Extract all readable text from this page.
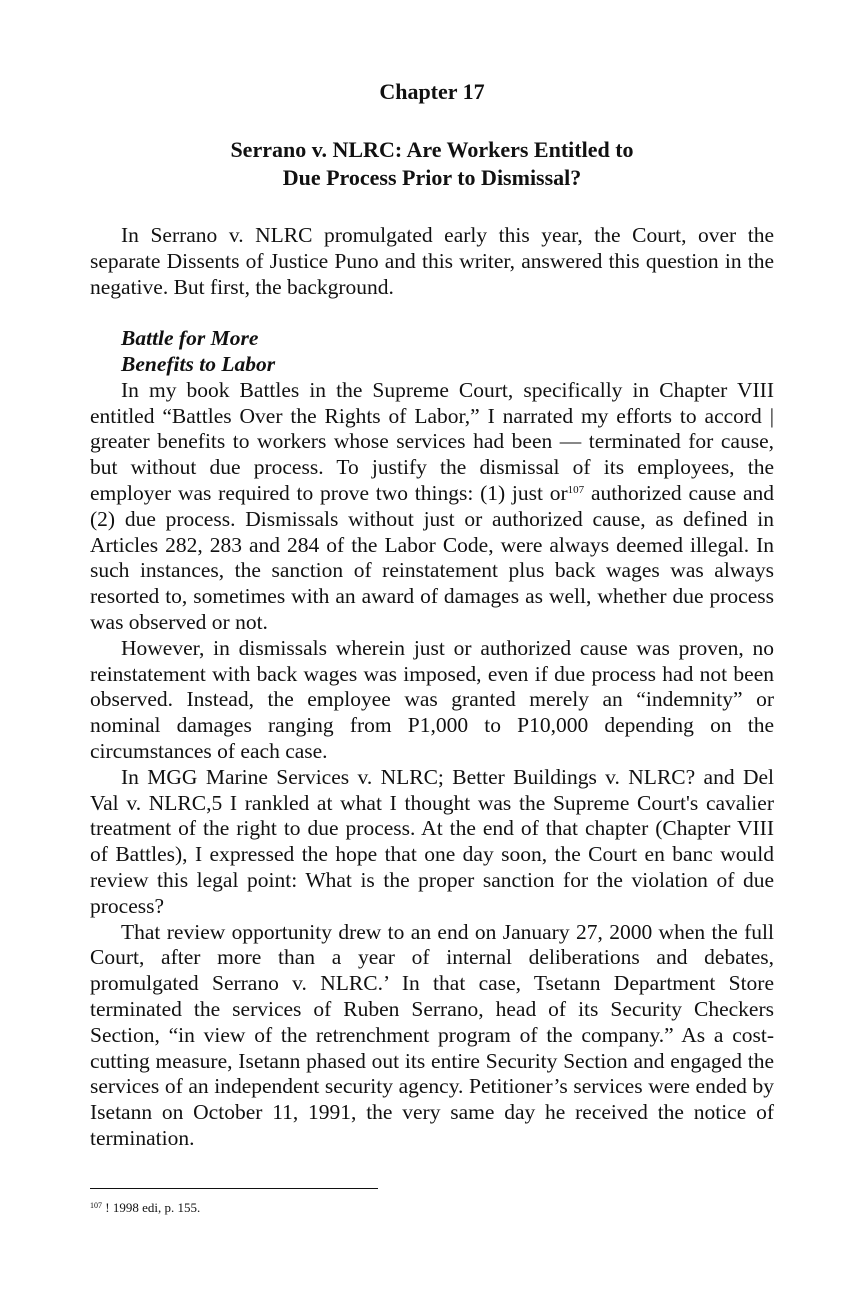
Chapter 17
Serrano v. NLRC: Are Workers Entitled to
Due Process Prior to Dismissal?

In Serrano v. NLRC promulgated early this year, the Court, over the separate Dissents of Justice Puno and this writer, answered this question in the negative. But first, the background.

Battle for More
Benefits to Labor

In my book Battles in the Supreme Court, specifically in Chapter VIII entitled “Battles Over the Rights of Labor,” I narrated my efforts to accord | greater benefits to workers whose services had been — terminated for cause, but without due process. To justify the dismissal of its employees, the employer was required to prove two things: (1) just $or^{107}$ authorized cause and (2) due process. Dismissals without just or authorized cause, as defined in Articles 282, 283 and 284 of the Labor Code, were always deemed illegal. In such instances, the sanction of reinstatement plus back wages was always resorted to, sometimes with an award of damages as well, whether due process was observed or not.

However, in dismissals wherein just or authorized cause was proven, no reinstatement with back wages was imposed, even if due process had not been observed. Instead, the employee was granted merely an “indemnity” or nominal damages ranging from P1,000 to P10,000 depending on the circumstances of each case.

In MGG Marine Services v. NLRC; Better Buildings v. NLRC? and Del Val v. NLRC,5 I rankled at what I thought was the Supreme Court's cavalier treatment of the right to due process. At the end of that chapter (Chapter VIII of Battles), I expressed the hope that one day soon, the Court en banc would review this legal point: What is the proper sanction for the violation of due process?

That review opportunity drew to an end on January 27, 2000 when the full Court, after more than a year of internal deliberations and debates, promulgated Serrano v. NLRC.’ In that case, Tsetann Department Store terminated the services of Ruben Serrano, head of its Security Checkers Section, “in view of the retrenchment program of the company.” As a cost-cutting measure, Isetann phased out its entire Security Section and engaged the services of an independent security agency. Petitioner’s services were ended by Isetann on October 11, 1991, the very same day he received the notice of termination.

$^{107}$ ! 1998 edi, p. 155.
